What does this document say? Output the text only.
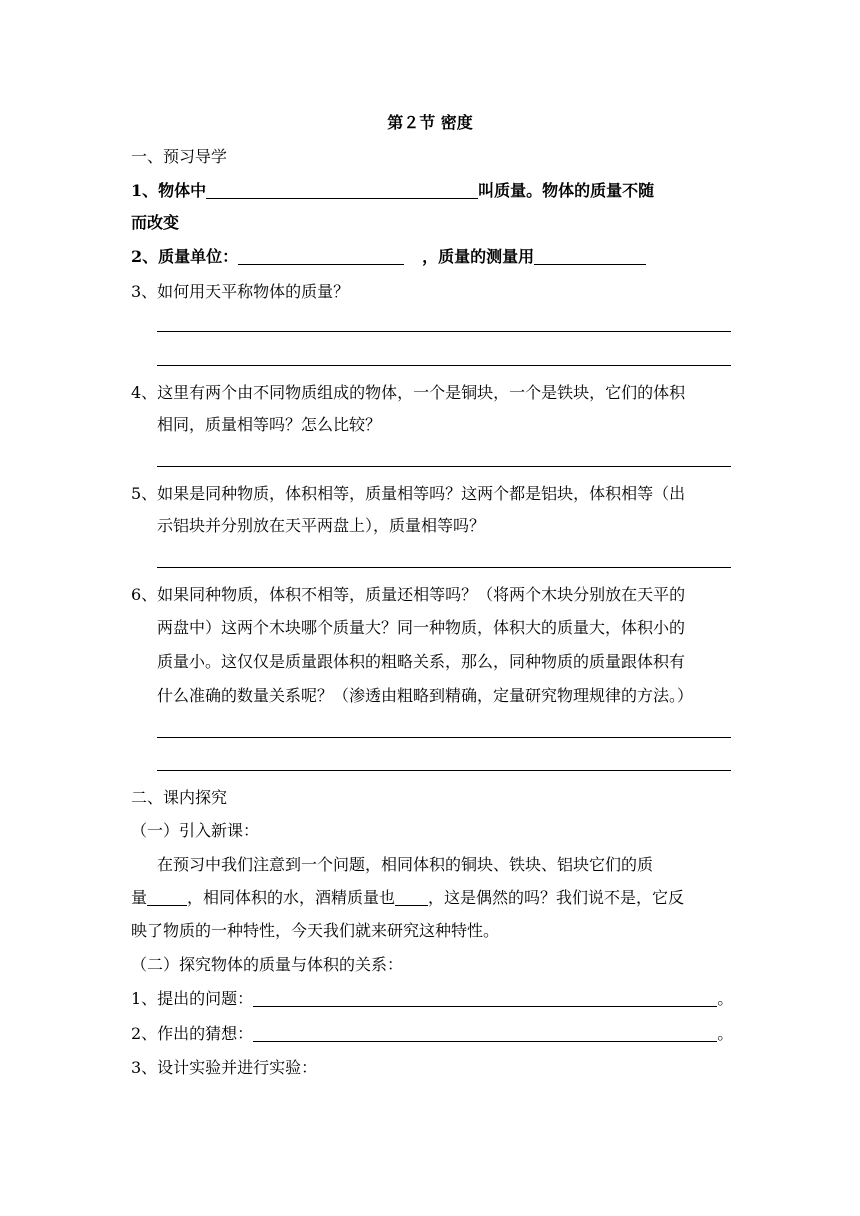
第２节 密度
一、预习导学
1、物体中	叫质量。物体的质量不随
而改变
2、质量单位：	，质量的测量用
3、如何用天平称物体的质量？
4、这里有两个由不同物质组成的物体，一个是铜块，一个是铁块，它们的体积
相同，质量相等吗？怎么比较？
5、如果是同种物质，体积相等，质量相等吗？这两个都是铝块，体积相等（出
示铝块并分别放在天平两盘上），质量相等吗？
6、如果同种物质，体积不相等，质量还相等吗？（将两个木块分别放在天平的
两盘中）这两个木块哪个质量大？同一种物质，体积大的质量大，体积小的
质量小。这仅仅是质量跟体积的粗略关系，那么，同种物质的质量跟体积有
什么准确的数量关系呢？（渗透由粗略到精确，定量研究物理规律的方法。）
二、课内探究
（一）引入新课：
在预习中我们注意到一个问题，相同体积的铜块、铁块、铝块它们的质
量	，相同体积的水，酒精质量也 ，这是偶然的吗？我们说不是，它反
映了物质的一种特性，今天我们就来研究这种特性。
（二）探究物体的质量与体积的关系：
1、提出的问题：	。
2、作出的猜想：	。
3、设计实验并进行实验：
